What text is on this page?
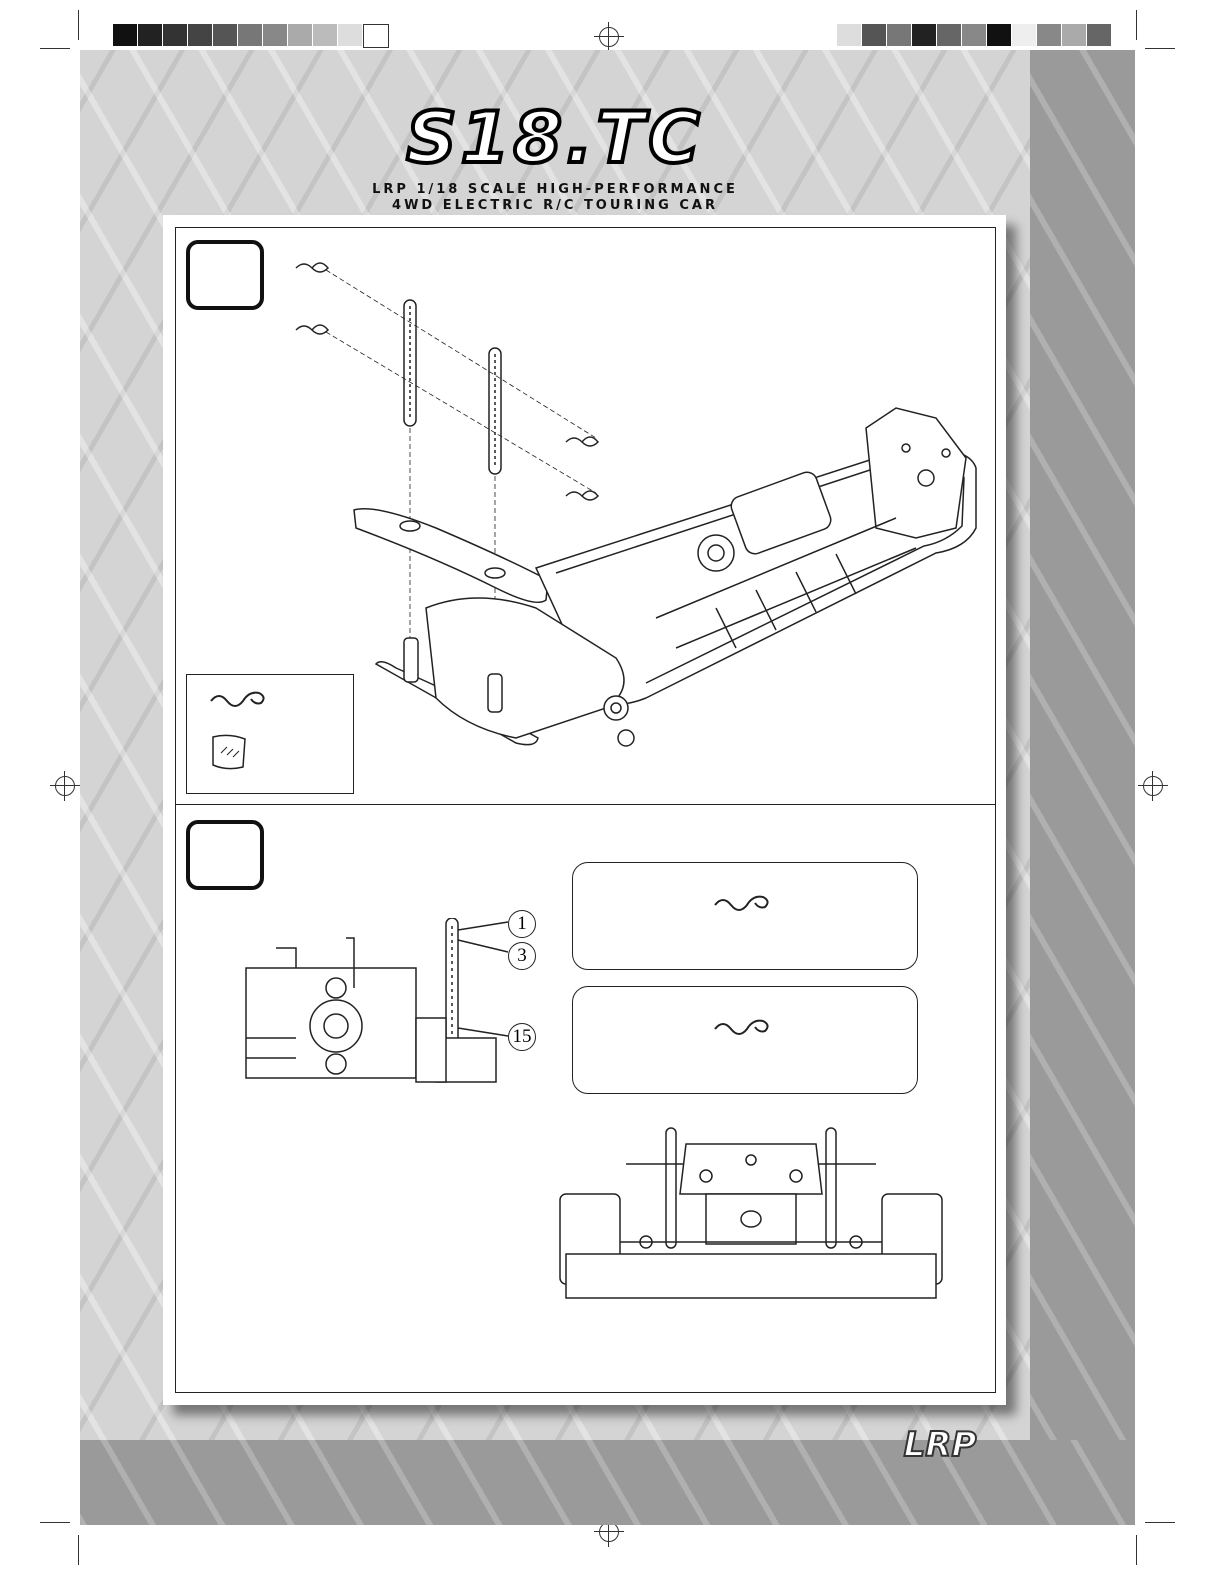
S18.TC
LRP 1/18 SCALE HIGH-PERFORMANCE
4WD ELECTRIC R/C TOURING CAR
1
3
15
LRP
